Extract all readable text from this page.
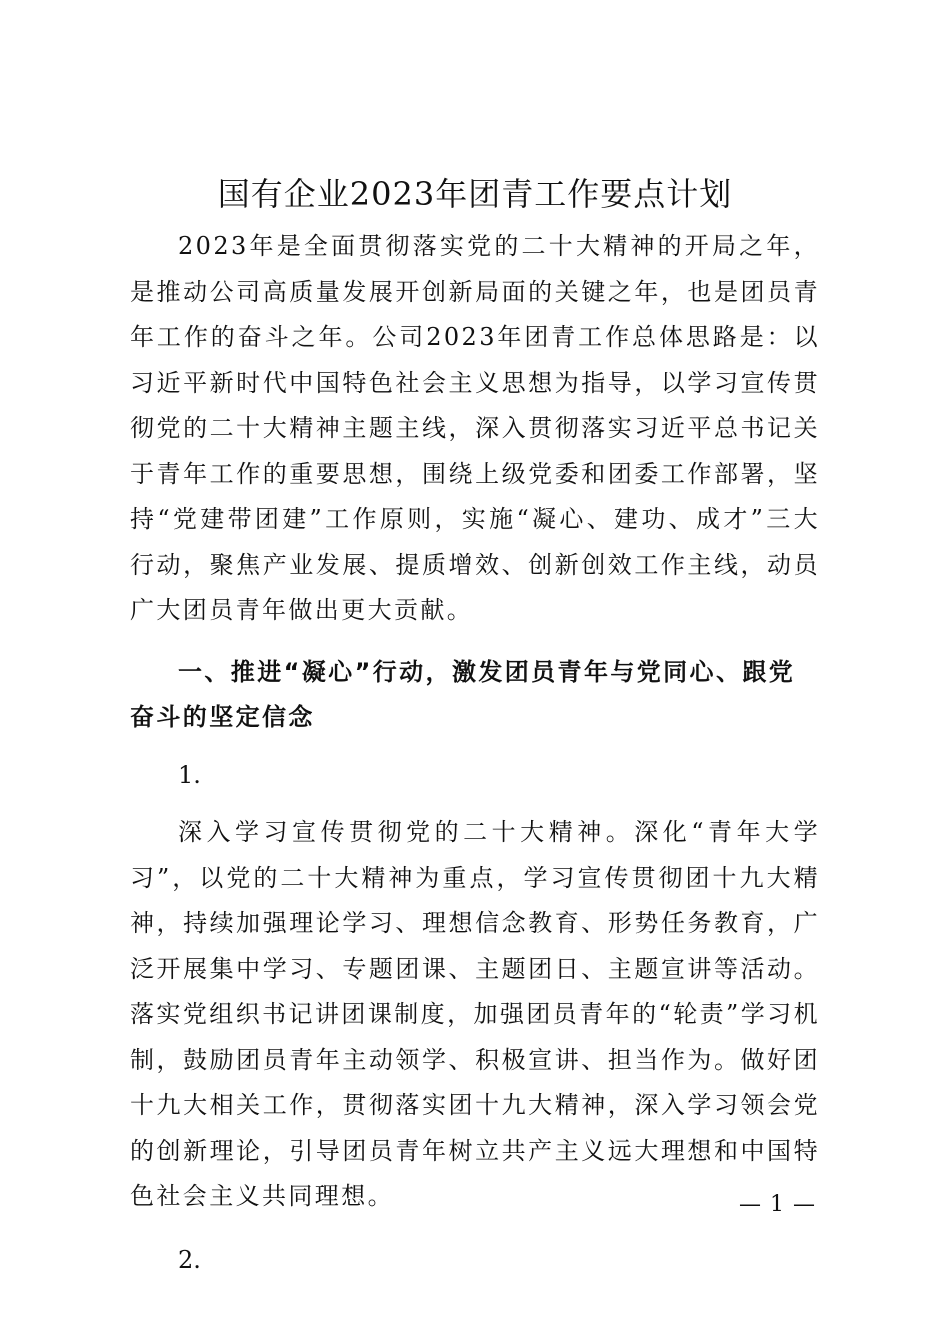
国有企业2023年团青工作要点计划

2023年是全面贯彻落实党的二十大精神的开局之年，是推动公司高质量发展开创新局面的关键之年，也是团员青年工作的奋斗之年。公司2023年团青工作总体思路是：以习近平新时代中国特色社会主义思想为指导，以学习宣传贯彻党的二十大精神主题主线，深入贯彻落实习近平总书记关于青年工作的重要思想，围绕上级党委和团委工作部署，坚持“党建带团建”工作原则，实施“凝心、建功、成才”三大行动，聚焦产业发展、提质增效、创新创效工作主线，动员广大团员青年做出更大贡献。

一、推进“凝心”行动，激发团员青年与党同心、跟党奋斗的坚定信念

1.

深入学习宣传贯彻党的二十大精神。深化“青年大学习”，以党的二十大精神为重点，学习宣传贯彻团十九大精神，持续加强理论学习、理想信念教育、形势任务教育，广泛开展集中学习、专题团课、主题团日、主题宣讲等活动。落实党组织书记讲团课制度，加强团员青年的“轮责”学习机制，鼓励团员青年主动领学、积极宣讲、担当作为。做好团十九大相关工作，贯彻落实团十九大精神，深入学习领会党的创新理论，引导团员青年树立共产主义远大理想和中国特色社会主义共同理想。

2.

— 1 —
